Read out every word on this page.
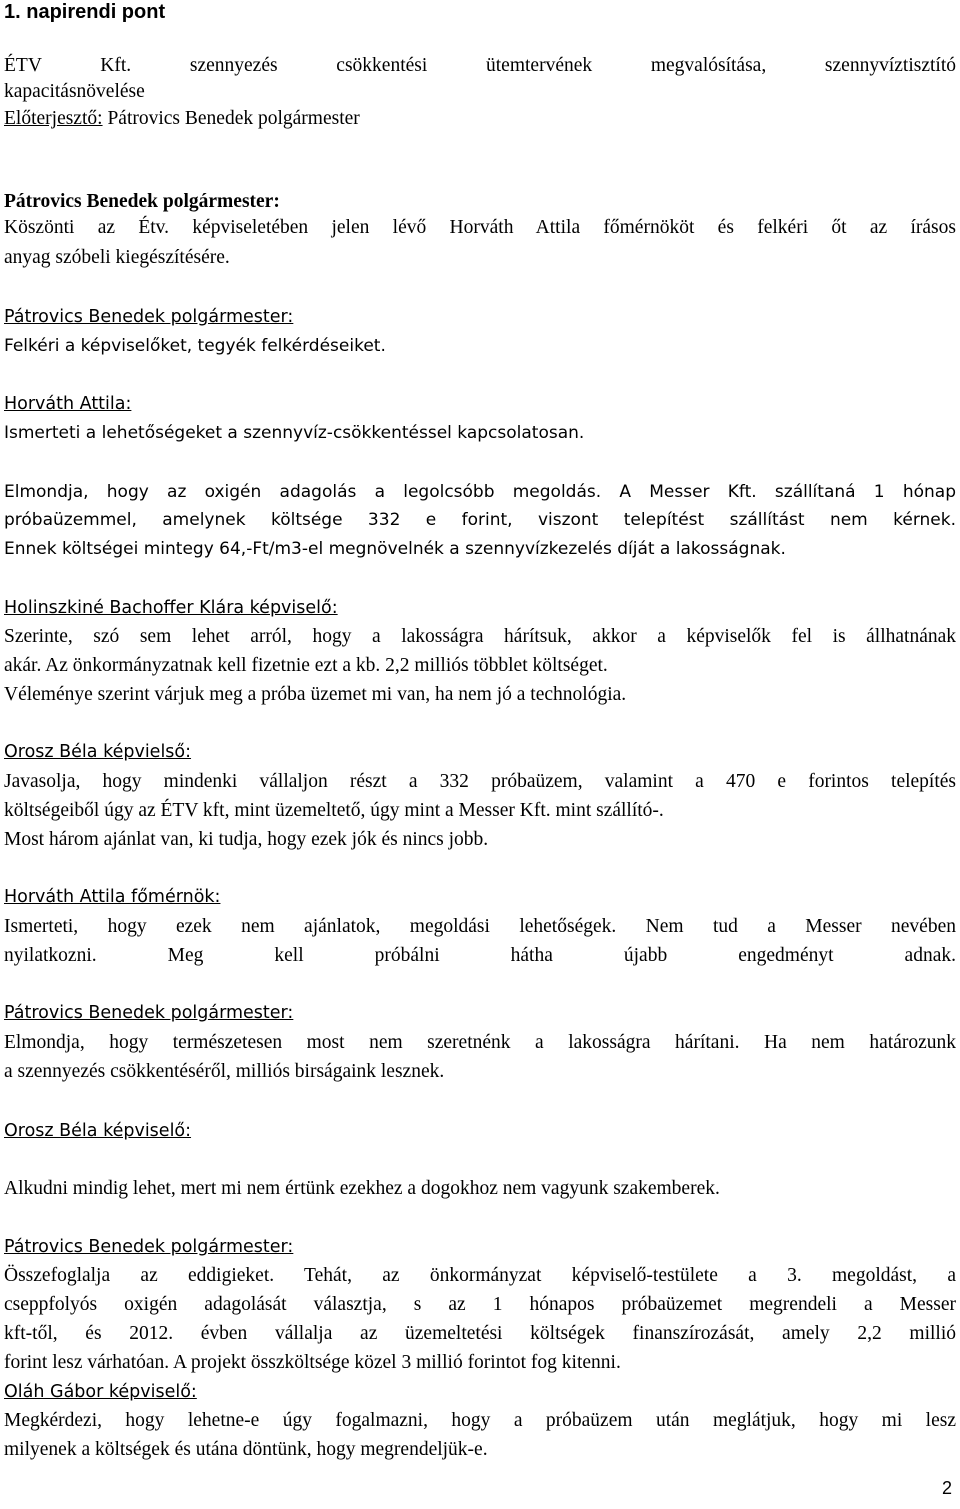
1. napirendi pont
ÉTV Kft. szennyezés csökkentési ütemtervének megvalósítása, szennyvíztisztító
kapacitásnövelése
Előterjesztő: Pátrovics Benedek polgármester
Pátrovics Benedek polgármester:
Köszönti az Étv. képviseletében jelen lévő Horváth Attila főmérnököt és felkéri őt az írásos
anyag szóbeli kiegészítésére.
Pátrovics Benedek polgármester:
Felkéri a képviselőket, tegyék felkérdéseiket.
Horváth Attila:
Ismerteti a lehetőségeket a szennyvíz-csökkentéssel kapcsolatosan.
Elmondja, hogy az oxigén adagolás a legolcsóbb megoldás. A Messer Kft. szállítaná 1 hónap
próbaüzemmel, amelynek költsége 332 e forint, viszont telepítést szállítást nem kérnek.
Ennek költségei mintegy 64,-Ft/m3-el megnövelnék a szennyvízkezelés díját a lakosságnak.
Holinszkiné Bachoffer Klára képviselő:
Szerinte, szó sem lehet arról, hogy a lakosságra hárítsuk, akkor a képviselők fel is állhatnának
akár. Az önkormányzatnak kell fizetnie ezt a kb. 2,2 milliós többlet költséget.
Véleménye szerint várjuk meg a próba üzemet mi van, ha nem jó a technológia.
Orosz Béla képvielső:
Javasolja, hogy mindenki vállaljon részt a 332 próbaüzem, valamint a 470 e forintos telepítés
költségeiből úgy az ÉTV kft, mint üzemeltető, úgy mint a Messer Kft. mint szállító-.
Most három ajánlat van, ki tudja, hogy ezek jók és nincs jobb.
Horváth Attila főmérnök:
Ismerteti, hogy ezek nem ajánlatok, megoldási lehetőségek. Nem tud a Messer nevében
nyilatkozni. Meg kell próbálni hátha újabb engedményt adnak.
Pátrovics Benedek polgármester:
Elmondja, hogy természetesen most nem szeretnénk a lakosságra hárítani. Ha nem határozunk
a szennyezés csökkentéséről, milliós birságaink lesznek.
Orosz Béla képviselő:
Alkudni mindig lehet, mert mi nem értünk ezekhez a dogokhoz nem vagyunk szakemberek.
Pátrovics Benedek polgármester:
Összefoglalja az eddigieket. Tehát, az önkormányzat képviselő-testülete a 3. megoldást, a
cseppfolyós oxigén adagolását választja, s az 1 hónapos próbaüzemet megrendeli a Messer
kft-től, és 2012. évben vállalja az üzemeltetési költségek finanszírozását, amely 2,2 millió
forint lesz várhatóan. A projekt összköltsége közel 3 millió forintot fog kitenni.
Oláh Gábor képviselő:
Megkérdezi, hogy lehetne-e úgy fogalmazni, hogy a próbaüzem után meglátjuk, hogy mi lesz
milyenek a költségek és utána döntünk, hogy megrendeljük-e.
2
